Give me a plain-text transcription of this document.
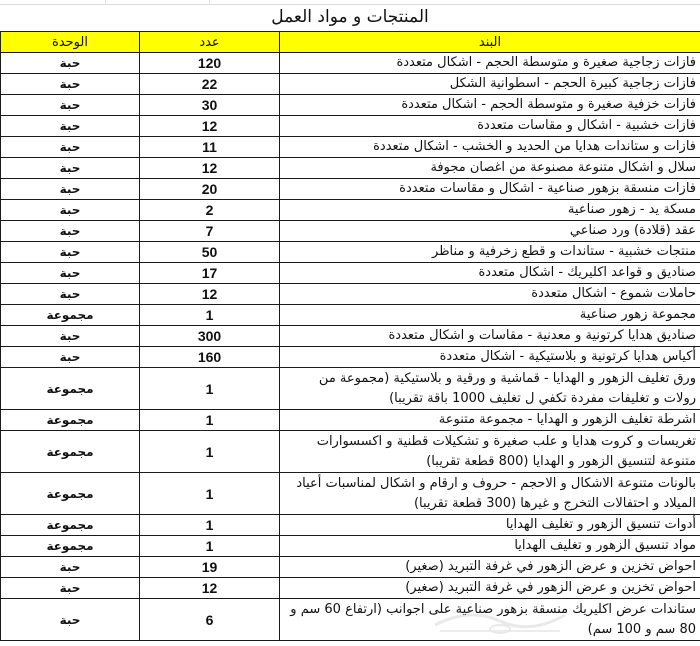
المنتجات و مواد العمل
البند	عدد	الوحدة
فازات زجاجية صغيرة و متوسطة الحجم - اشكال متعددة	120	حبة
فازات زجاجية كبيرة الحجم - اسطوانية الشكل	22	حبة
فازات خزفية صغيرة و متوسطة الحجم - اشكال متعددة	30	حبة
فازات خشبية - اشكال و مقاسات متعددة	12	حبة
فازات و ستاندات هدايا من الحديد و الخشب - اشكال متعددة	11	حبة
سلال و اشكال متنوعة مصنوعة من اغصان مجوفة	12	حبة
فازات منسقة بزهور صناعية - اشكال و مقاسات متعددة	20	حبة
مسكة يد - زهور صناعية	2	حبة
عقد (قلادة) ورد صناعي	7	حبة
منتجات خشبية - ستاندات و قطع زخرفية و مناظر	50	حبة
صناديق و قواعد اكليريك - اشكال متعددة	17	حبة
حاملات شموع - اشكال متعددة	12	حبة
مجموعة زهور صناعية	1	مجموعة
صناديق هدايا كرتونية و معدنية - مقاسات و اشكال متعددة	300	حبة
أكياس هدايا كرتونية و بلاستيكية - اشكال متعددة	160	حبة
ورق تغليف الزهور و الهدايا - قماشية و ورقية و بلاستيكية (مجموعة من رولات و تغليفات مفردة تكفي ل تغليف 1000 باقة تقريبا)	1	مجموعة
اشرطة تغليف الزهور و الهدايا - مجموعة متنوعة	1	مجموعة
تغريسات و كروت هدايا و علب صغيرة و تشكيلات قطنية و اكسسوارات متنوعة لتنسيق الزهور و الهدايا (800 قطعة تقريبا)	1	مجموعة
بالونات متنوعة الاشكال و الاحجم - حروف و ارقام و اشكال لمناسبات أعياد الميلاد و احتفالات التخرج و غيرها (300 قطعة تقريبا)	1	مجموعة
أدوات تنسيق الزهور و تغليف الهدايا	1	مجموعة
مواد تنسيق الزهور و تغليف الهدايا	1	مجموعة
احواض تخزين و عرض الزهور في غرفة التبريد (صغير)	19	حبة
احواض تخزين و عرض الزهور في غرفة التبريد (صغير)	12	حبة
ستاندات عرض اكليريك منسقة بزهور صناعية على اجوانب (ارتفاع 60 سم و 80 سم و 100 سم)	6	حبة
